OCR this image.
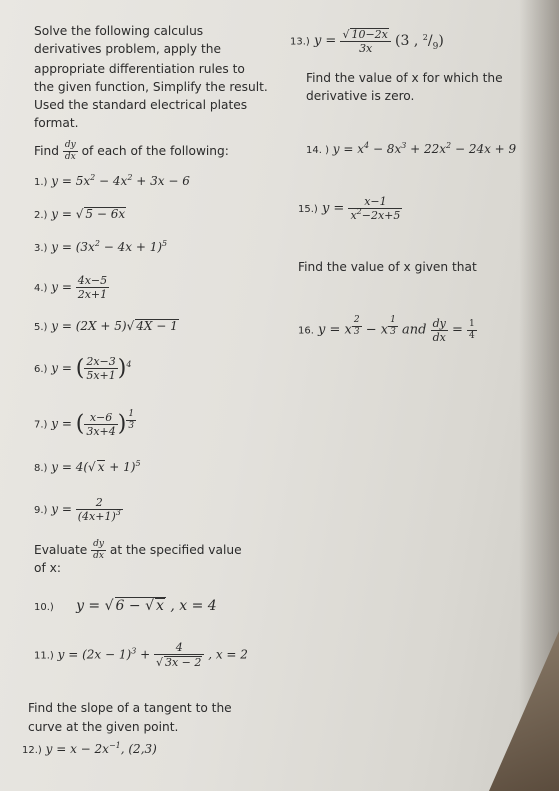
Solve the following calculus
derivatives problem, apply the
appropriate differentiation rules to
the given function, Simplify the result.
Used the standard electrical plates
format.
Find $\frac{dy}{dx}$ of each of the following:
1.) $y = 5x^2 - 4x^2 + 3x - 6$
2.) y = √ 5 − 6x
3.) $y = (3x^2 - 4x + 1)^5$
4.) $y = \frac{4x-5}{2x+1}$
5.) y = (2X + 5)√ 4X − 1
6.) y = ( $\frac{2x-3}{5x+1} )^4$
7.) y = ( $\frac{x-6}{3x+4}$ ) $^{\frac{1}{3}}$
8.) y = 4(√ x + 1)$^5$
9.) $y = \frac{2}{(4x+1)^3}$
Evaluate $\frac{dy}{dx}$ at the specified value
of x:
10.)     y = √ 6 − √ x , x = 4
11.) $y = (2x - 1)^3 + \frac{4}{√ 3x - 2}$ , x = 2
Find the slope of a tangent to the
curve at the given point.
12.) $y = x - 2x^{-1}$, (2,3)
13.) $y = \frac{√ 10-2x}{3x} (3$ , $^2/_9$)
Find the value of x for which the
derivative is zero.
14. ) $y = x^4 - 8x^3 + 22x^2 - 24x + 9$
15.) $y = \frac{x-1}{x^2-2x+5}$
Find the value of x given that
16. y = x $^{\frac{2}{3}}$ − x $^{\frac{1}{3}}$ and $\frac{dy}{dx} = \frac{1}{4}$
